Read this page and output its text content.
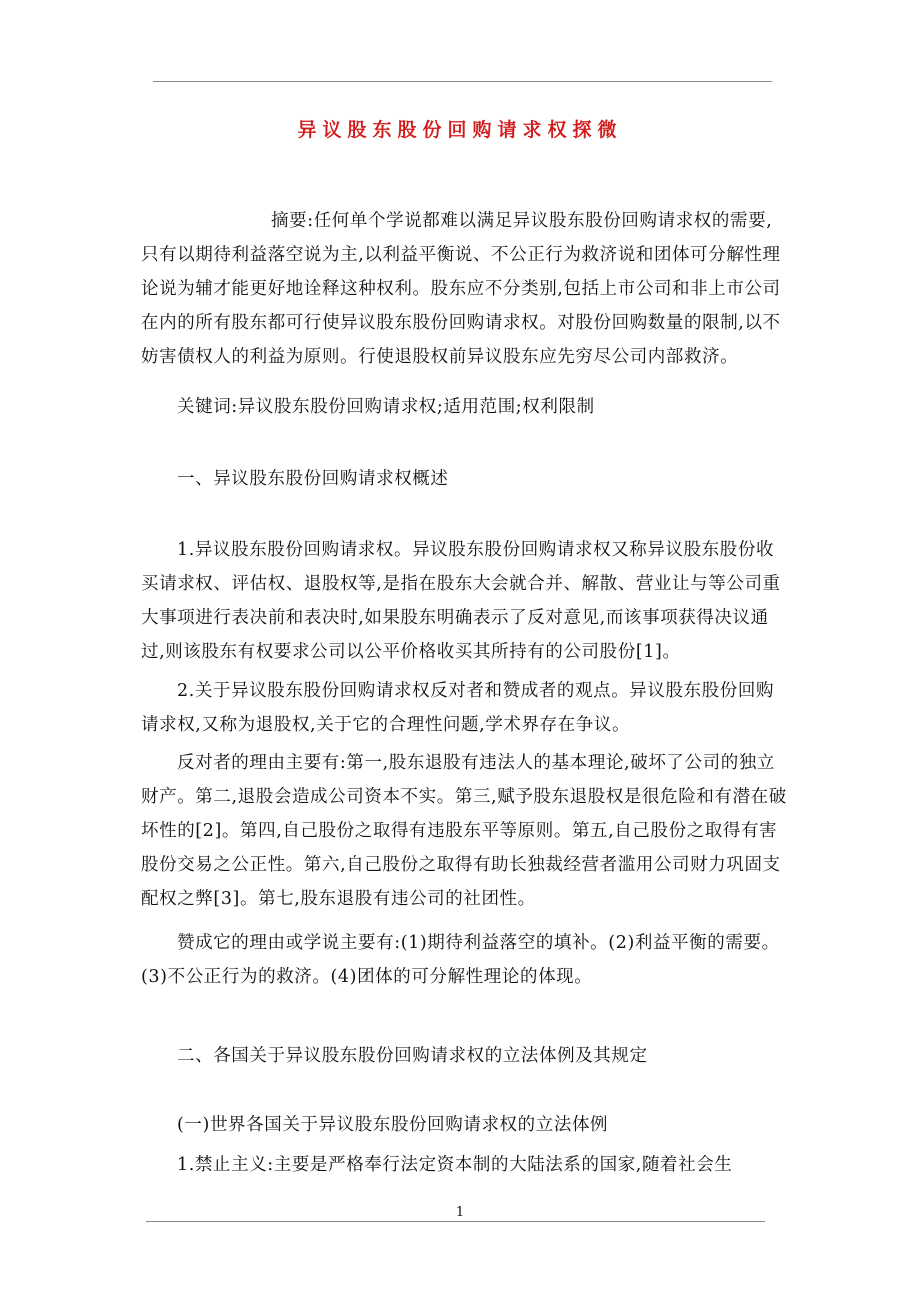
异议股东股份回购请求权探微

摘要:任何单个学说都难以满足异议股东股份回购请求权的需要,只有以期待利益落空说为主,以利益平衡说、不公正行为救济说和团体可分解性理论说为辅才能更好地诠释这种权利。股东应不分类别,包括上市公司和非上市公司在内的所有股东都可行使异议股东股份回购请求权。对股份回购数量的限制,以不妨害债权人的利益为原则。行使退股权前异议股东应先穷尽公司内部救济。

关键词:异议股东股份回购请求权;适用范围;权利限制

一、异议股东股份回购请求权概述

1.异议股东股份回购请求权。异议股东股份回购请求权又称异议股东股份收买请求权、评估权、退股权等,是指在股东大会就合并、解散、营业让与等公司重大事项进行表决前和表决时,如果股东明确表示了反对意见,而该事项获得决议通过,则该股东有权要求公司以公平价格收买其所持有的公司股份[1]。

2.关于异议股东股份回购请求权反对者和赞成者的观点。异议股东股份回购请求权,又称为退股权,关于它的合理性问题,学术界存在争议。

反对者的理由主要有:第一,股东退股有违法人的基本理论,破坏了公司的独立财产。第二,退股会造成公司资本不实。第三,赋予股东退股权是很危险和有潜在破坏性的[2]。第四,自己股份之取得有违股东平等原则。第五,自己股份之取得有害股份交易之公正性。第六,自己股份之取得有助长独裁经营者滥用公司财力巩固支配权之弊[3]。第七,股东退股有违公司的社团性。

赞成它的理由或学说主要有:(1)期待利益落空的填补。(2)利益平衡的需要。(3)不公正行为的救济。(4)团体的可分解性理论的体现。

二、各国关于异议股东股份回购请求权的立法体例及其规定

(一)世界各国关于异议股东股份回购请求权的立法体例

1.禁止主义:主要是严格奉行法定资本制的大陆法系的国家,随着社会生

1
